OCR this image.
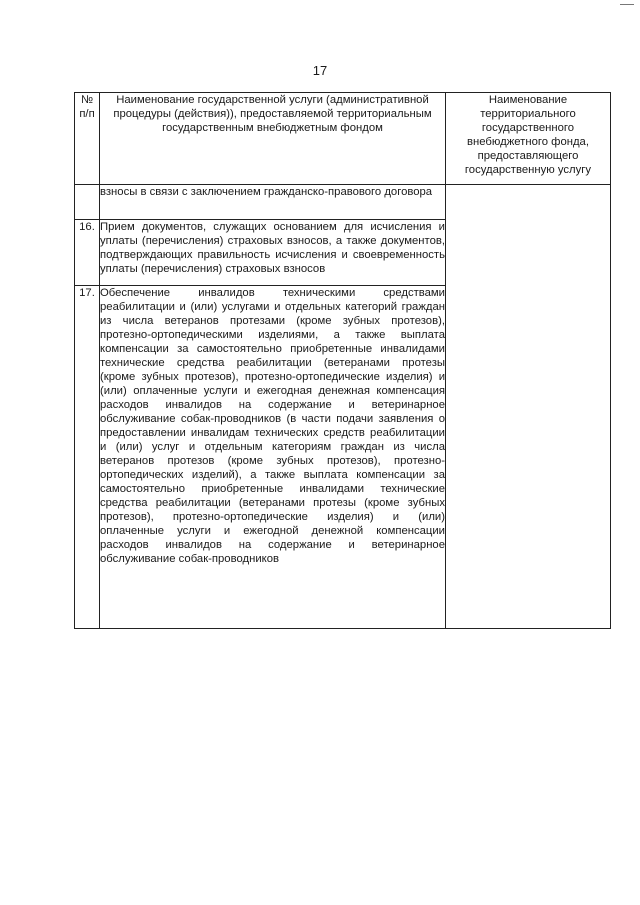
17
№ п/п	Наименование государственной услуги (административной процедуры (действия)), предоставляемой территориальным государственным внебюджетным фондом	Наименование территориального государственного внебюджетного фонда, предоставляющего государственную услугу
	взносы в связи с заключением гражданско-правового договора	
16.	Прием документов, служащих основанием для исчисления и уплаты (перечисления) страховых взносов, а также документов, подтверждающих правильность исчисления и своевременность уплаты (перечисления) страховых взносов	
17.	Обеспечение инвалидов техническими средствами реабилитации и (или) услугами и отдельных категорий граждан из числа ветеранов протезами (кроме зубных протезов), протезно-ортопедическими изделиями, а также выплата компенсации за самостоятельно приобретенные инвалидами технические средства реабилитации (ветеранами протезы (кроме зубных протезов), протезно-ортопедические изделия) и (или) оплаченные услуги и ежегодная денежная компенсация расходов инвалидов на содержание и ветеринарное обслуживание собак-проводников (в части подачи заявления о предоставлении инвалидам технических средств реабилитации и (или) услуг и отдельным категориям граждан из числа ветеранов протезов (кроме зубных протезов), протезно-ортопедических изделий), а также выплата компенсации за самостоятельно приобретенные инвалидами технические средства реабилитации (ветеранами протезы (кроме зубных протезов), протезно-ортопедические изделия) и (или) оплаченные услуги и ежегодной денежной компенсации расходов инвалидов на содержание и ветеринарное обслуживание собак-проводников	
